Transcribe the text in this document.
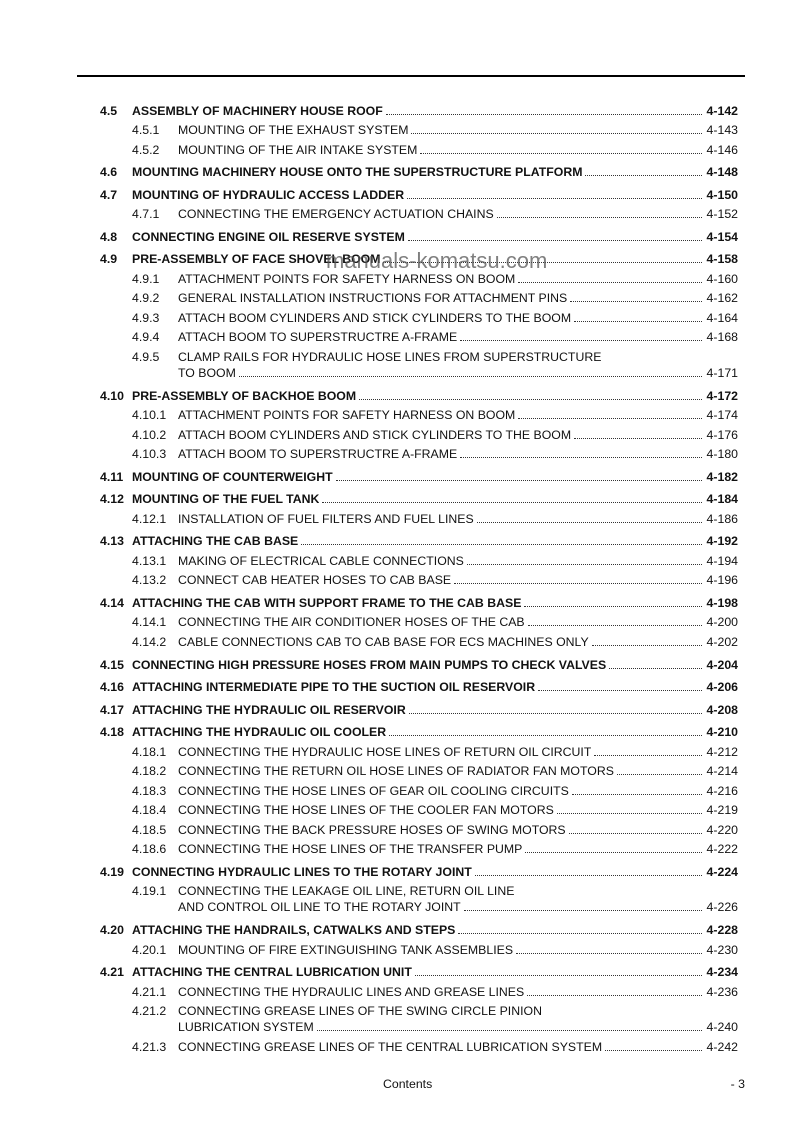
4.5	ASSEMBLY OF MACHINERY HOUSE ROOF	4-142
4.5.1	MOUNTING OF THE EXHAUST SYSTEM	4-143
4.5.2	MOUNTING OF THE AIR INTAKE SYSTEM	4-146
4.6	MOUNTING MACHINERY HOUSE ONTO THE SUPERSTRUCTURE PLATFORM	4-148
4.7	MOUNTING OF HYDRAULIC ACCESS LADDER	4-150
4.7.1	CONNECTING THE EMERGENCY ACTUATION CHAINS	4-152
4.8	CONNECTING ENGINE OIL RESERVE SYSTEM	4-154
4.9	PRE-ASSEMBLY OF FACE SHOVEL BOOM	4-158
4.9.1	ATTACHMENT POINTS FOR SAFETY HARNESS ON BOOM	4-160
4.9.2	GENERAL INSTALLATION INSTRUCTIONS FOR ATTACHMENT PINS	4-162
4.9.3	ATTACH BOOM CYLINDERS AND STICK CYLINDERS TO THE BOOM	4-164
4.9.4	ATTACH BOOM TO SUPERSTRUCTRE A-FRAME	4-168
4.9.5	CLAMP RAILS FOR HYDRAULIC HOSE LINES FROM SUPERSTRUCTURE
TO BOOM	4-171
4.10 PRE-ASSEMBLY OF BACKHOE BOOM	4-172
4.10.1 ATTACHMENT POINTS FOR SAFETY HARNESS ON BOOM	4-174
4.10.2 ATTACH BOOM CYLINDERS AND STICK CYLINDERS TO THE BOOM	4-176
4.10.3 ATTACH BOOM TO SUPERSTRUCTRE A-FRAME	4-180
4.11 MOUNTING OF COUNTERWEIGHT	4-182
4.12 MOUNTING OF THE FUEL TANK	4-184
4.12.1 INSTALLATION OF FUEL FILTERS AND FUEL LINES	4-186
4.13 ATTACHING THE CAB BASE	4-192
4.13.1 MAKING OF ELECTRICAL CABLE CONNECTIONS	4-194
4.13.2 CONNECT CAB HEATER HOSES TO CAB BASE	4-196
4.14 ATTACHING THE CAB WITH SUPPORT FRAME TO THE CAB BASE	4-198
4.14.1 CONNECTING THE AIR CONDITIONER HOSES OF THE CAB	4-200
4.14.2 CABLE CONNECTIONS CAB TO CAB BASE FOR ECS MACHINES ONLY	4-202
4.15 CONNECTING HIGH PRESSURE HOSES FROM MAIN PUMPS TO CHECK VALVES	4-204
4.16 ATTACHING INTERMEDIATE PIPE TO THE SUCTION OIL RESERVOIR	4-206
4.17 ATTACHING THE HYDRAULIC OIL RESERVOIR	4-208
4.18 ATTACHING THE HYDRAULIC OIL COOLER	4-210
4.18.1 CONNECTING THE HYDRAULIC HOSE LINES OF RETURN OIL CIRCUIT	4-212
4.18.2 CONNECTING THE RETURN OIL HOSE LINES OF RADIATOR FAN MOTORS	4-214
4.18.3 CONNECTING THE HOSE LINES OF GEAR OIL COOLING CIRCUITS	4-216
4.18.4 CONNECTING THE HOSE LINES OF THE COOLER FAN MOTORS	4-219
4.18.5 CONNECTING THE BACK PRESSURE HOSES OF SWING MOTORS	4-220
4.18.6 CONNECTING THE HOSE LINES OF THE TRANSFER PUMP	4-222
4.19 CONNECTING HYDRAULIC LINES TO THE ROTARY JOINT	4-224
4.19.1 CONNECTING THE LEAKAGE OIL LINE, RETURN OIL LINE
AND CONTROL OIL LINE TO THE ROTARY JOINT	4-226
4.20 ATTACHING THE HANDRAILS, CATWALKS AND STEPS	4-228
4.20.1 MOUNTING OF FIRE EXTINGUISHING TANK ASSEMBLIES	4-230
4.21 ATTACHING THE CENTRAL LUBRICATION UNIT	4-234
4.21.1 CONNECTING THE HYDRAULIC LINES AND GREASE LINES	4-236
4.21.2 CONNECTING GREASE LINES OF THE SWING CIRCLE PINION
LUBRICATION SYSTEM	4-240
4.21.3 CONNECTING GREASE LINES OF THE CENTRAL LUBRICATION SYSTEM	4-242
manuals-komatsu.com
Contents	- 3
